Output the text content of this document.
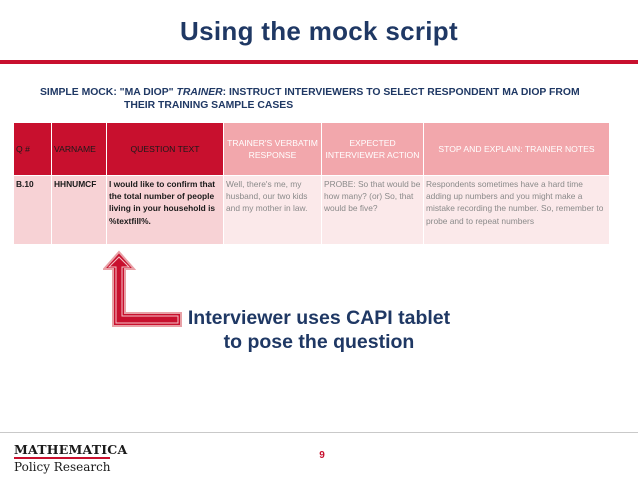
Using the mock script
SIMPLE MOCK: "MA DIOP" TRAINER: INSTRUCT INTERVIEWERS TO SELECT RESPONDENT MA DIOP FROM
THEIR TRAINING SAMPLE CASES
Q #	VARNAME	QUESTION TEXT	TRAINER'S VERBATIM RESPONSE	EXPECTED INTERVIEWER ACTION	STOP AND EXPLAIN: TRAINER NOTES
B.10	HHNUMCF	I would like to confirm that the total number of people living in your household is %textfill%.	Well, there's me, my husband, our two kids and my mother in law.	PROBE: So that would be how many? (or) So, that would be five?	Respondents sometimes have a hard time adding up numbers and you might make a mistake recording the number. So, remember to probe and to repeat numbers
Interviewer uses CAPI tablet
to pose the question
MATHEMATICA
Policy Research
9
